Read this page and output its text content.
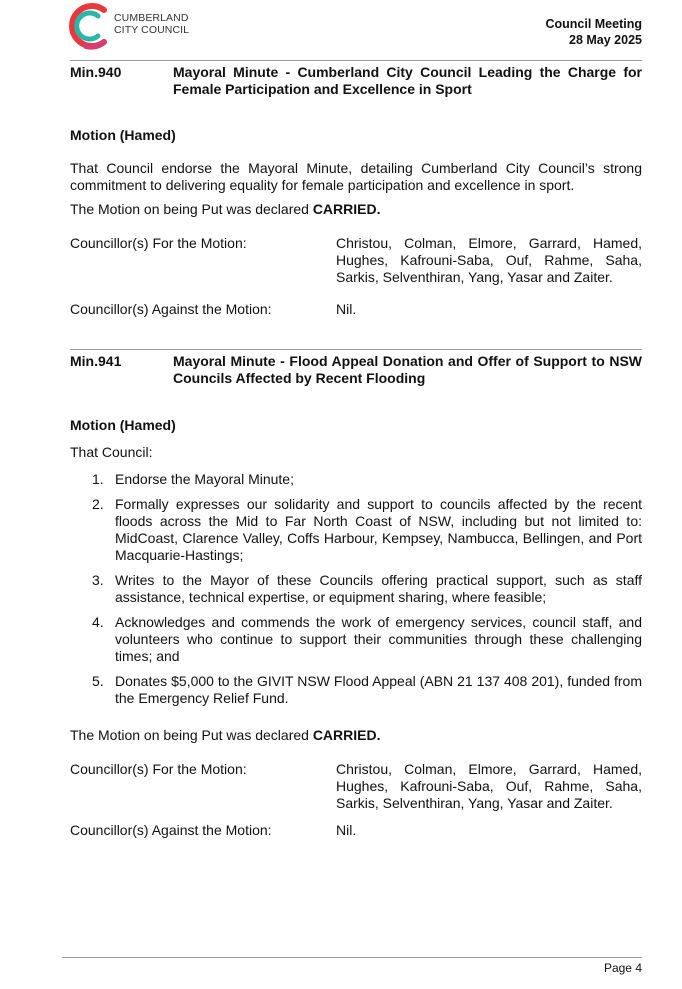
CUMBERLAND
CITY COUNCIL	Council Meeting
28 May 2025
Min.940	Mayoral Minute - Cumberland City Council Leading the Charge for Female Participation and Excellence in Sport
Motion (Hamed)
That Council endorse the Mayoral Minute, detailing Cumberland City Council’s strong commitment to delivering equality for female participation and excellence in sport.
The Motion on being Put was declared CARRIED.
Councillor(s) For the Motion:	Christou, Colman, Elmore, Garrard, Hamed, Hughes, Kafrouni-Saba, Ouf, Rahme, Saha, Sarkis, Selventhiran, Yang, Yasar and Zaiter.
Councillor(s) Against the Motion:	Nil.
Min.941	Mayoral Minute - Flood Appeal Donation and Offer of Support to NSW Councils Affected by Recent Flooding
Motion (Hamed)
That Council:
1. Endorse the Mayoral Minute;
2. Formally expresses our solidarity and support to councils affected by the recent floods across the Mid to Far North Coast of NSW, including but not limited to: MidCoast, Clarence Valley, Coffs Harbour, Kempsey, Nambucca, Bellingen, and Port Macquarie-Hastings;
3. Writes to the Mayor of these Councils offering practical support, such as staff assistance, technical expertise, or equipment sharing, where feasible;
4. Acknowledges and commends the work of emergency services, council staff, and volunteers who continue to support their communities through these challenging times; and
5. Donates $5,000 to the GIVIT NSW Flood Appeal (ABN 21 137 408 201), funded from the Emergency Relief Fund.
The Motion on being Put was declared CARRIED.
Councillor(s) For the Motion:	Christou, Colman, Elmore, Garrard, Hamed, Hughes, Kafrouni-Saba, Ouf, Rahme, Saha, Sarkis, Selventhiran, Yang, Yasar and Zaiter.
Councillor(s) Against the Motion:	Nil.
Page 4
